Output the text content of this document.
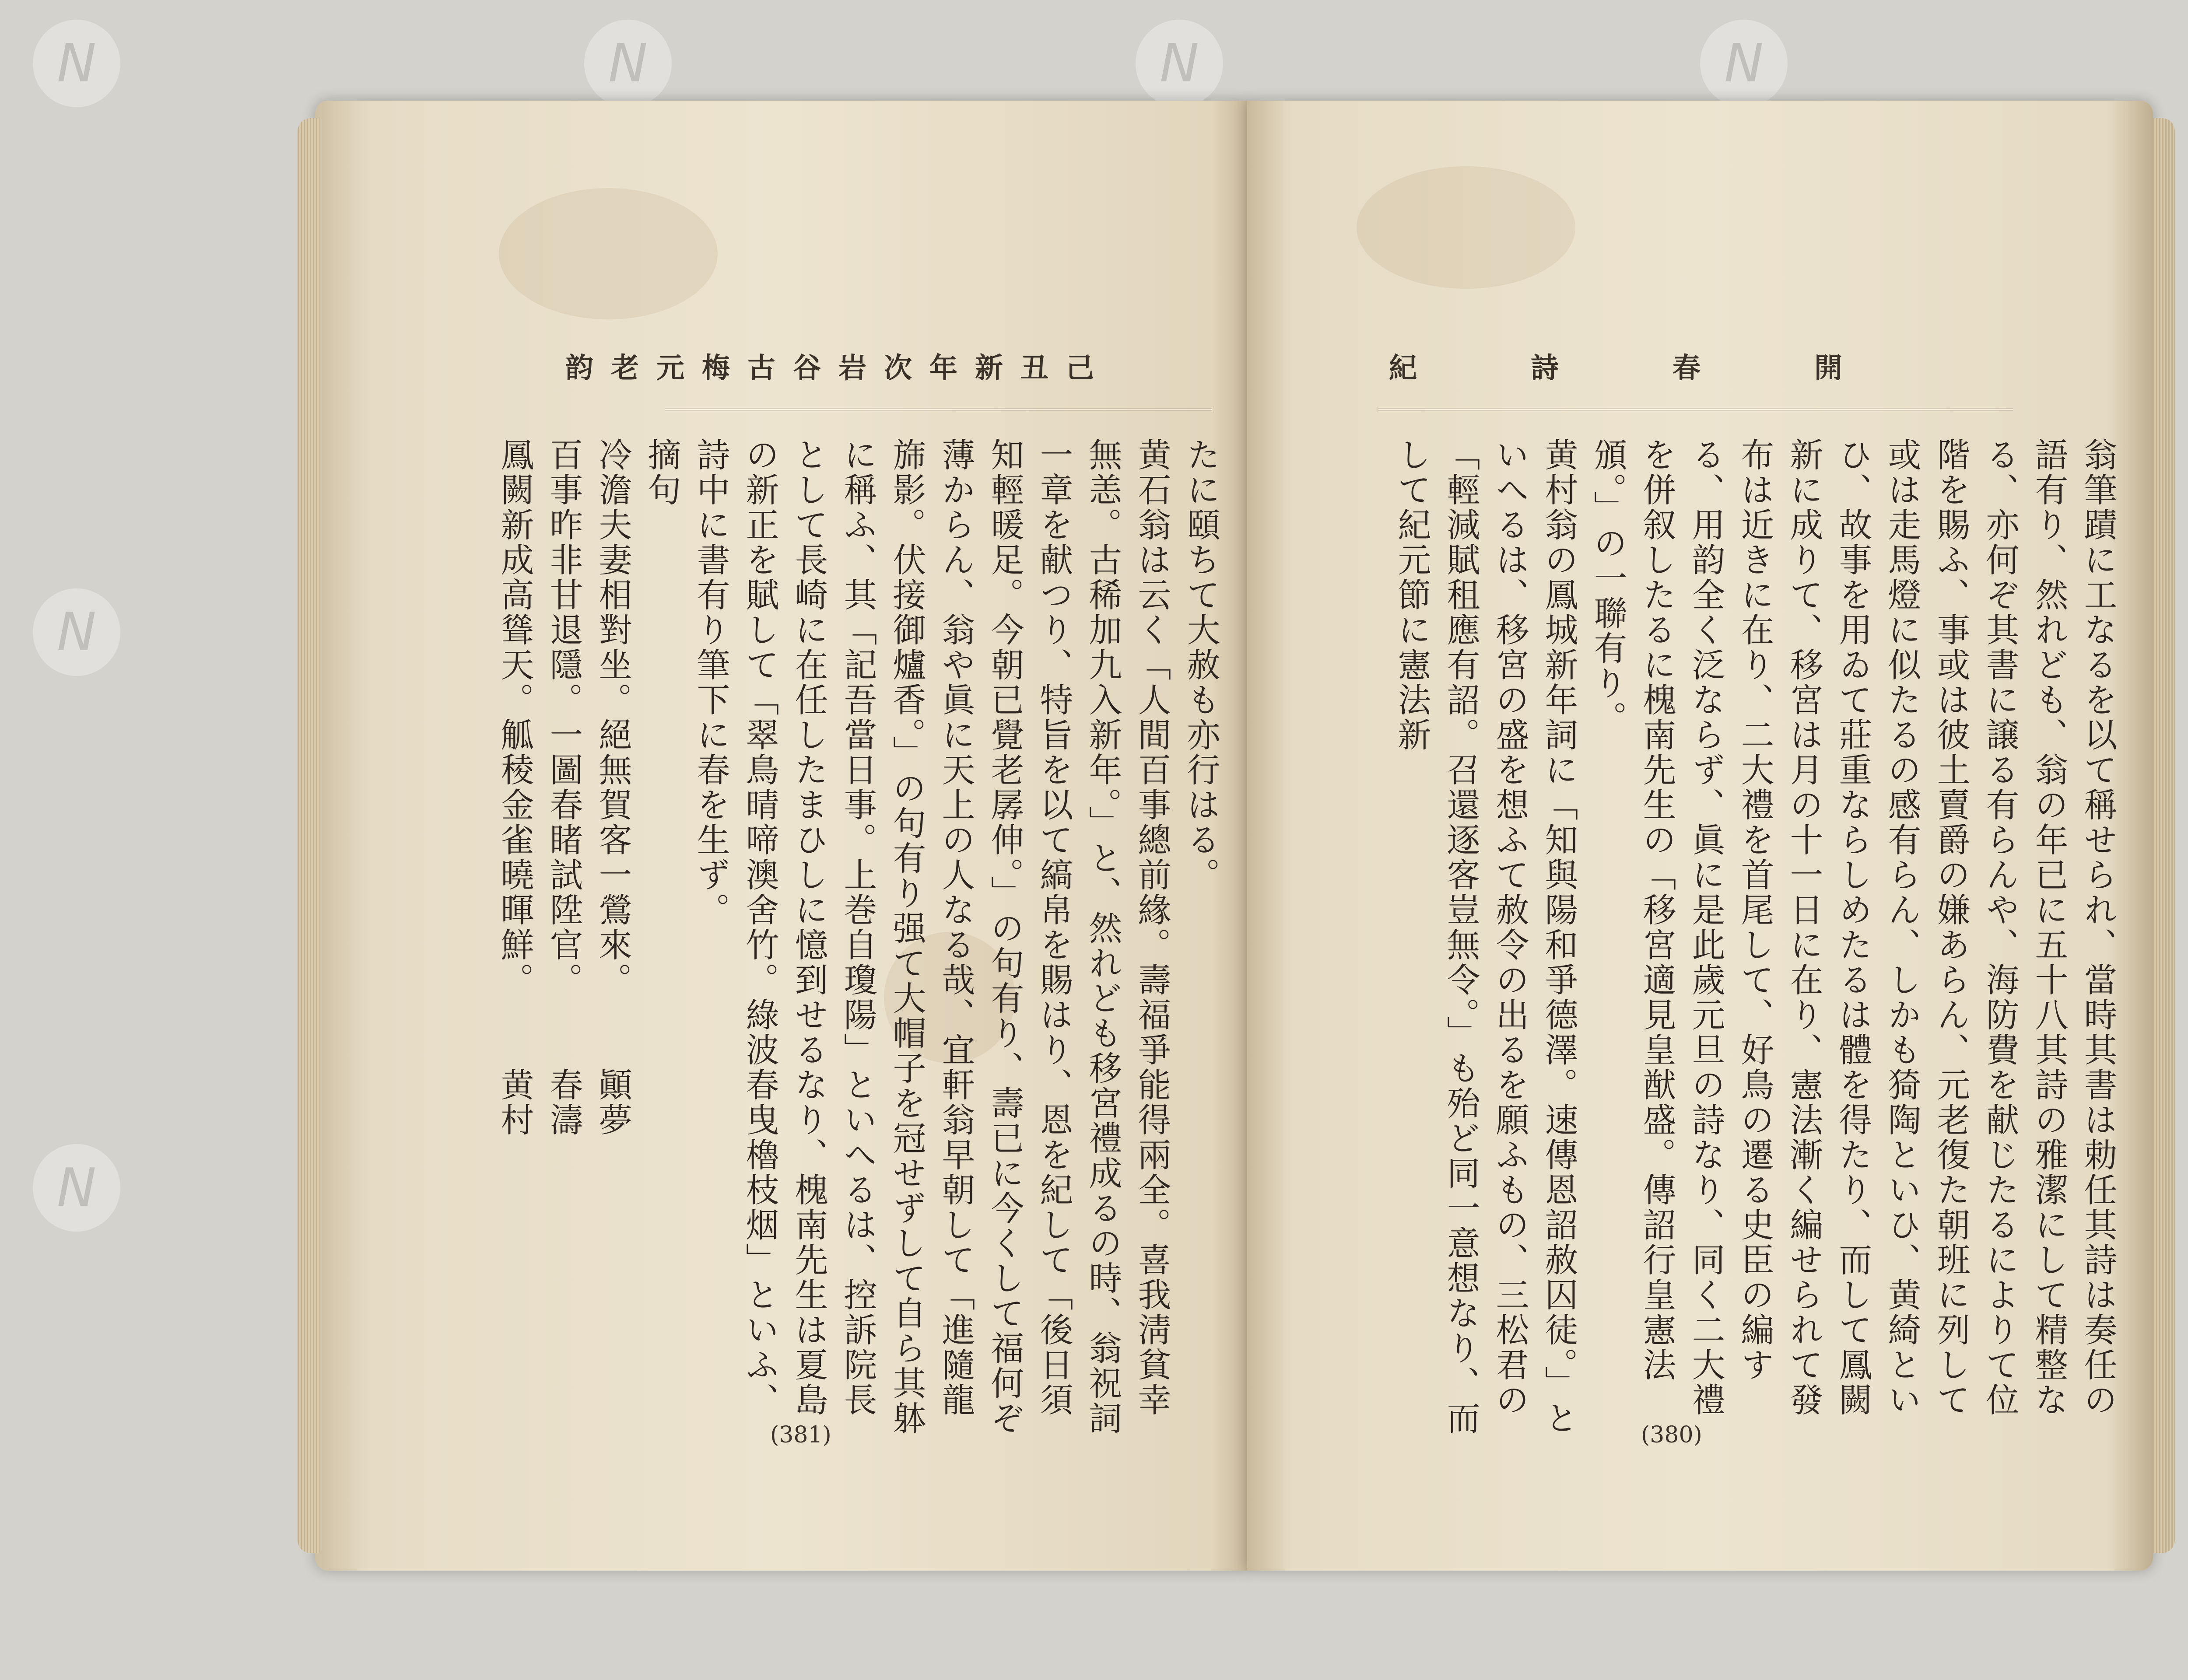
N	N	N	N
N
N
己丑新年次岩谷古梅元老韵

たに頤ちて大赦も亦行はる。

黄石翁は云く「人間百事總前緣。壽福爭能得兩全。喜我淸貧幸無恙。古稀加九入新年。」と、然れども移宮禮成るの時、翁祝詞一章を献つり、特旨を以て縞帛を賜はり、恩を紀して「後日須知輕暖足。今朝已覺老孱伸。」の句有り、壽已に今くして福何ぞ薄からん、翁や眞に天上の人なる哉、宜軒翁早朝して「進隨龍旆影。伏接御爐香。」の句有り强て大帽子を冠せずして自ら其躰に稱ふ、其「記吾當日事。上巻自瓊陽」といへるは、控訴院長として長崎に在任したまひしに憶到せるなり、槐南先生は夏島の新正を賦して「翠鳥晴啼澳舍竹。綠波春曳櫓枝烟」といふ、詩中に書有り筆下に春を生ず。

摘句

冷澹夫妻相對坐。絕無賀客一鶯來。顚夢

百事昨非甘退隱。一圖春睹試陞官。春濤

鳳闕新成高聳天。觚稜金雀曉暉鮮。黄村

(381)
開春詩紀

翁筆蹟に工なるを以て稱せられ、當時其書は勅任其詩は奏任の語有り、然れども、翁の年已に五十八其詩の雅潔にして精整なる、亦何ぞ其書に譲る有らんや、海防費を献じたるによりて位階を賜ふ、事或は彼土賣爵の嫌あらん、元老復た朝班に列して或は走馬燈に似たるの感有らん、しかも猗陶といひ、黄綺といひ、故事を用ゐて莊重ならしめたるは體を得たり、而して鳳闕新に成りて、移宮は月の十一日に在り、憲法漸く編せられて發布は近きに在り、二大禮を首尾して、好鳥の遷る史臣の編する、用韵全く泛ならず、眞に是此歲元旦の詩なり、同く二大禮を併叙したるに槐南先生の「移宮適見皇猷盛。傳詔行皇憲法頒。」の一聯有り。

黄村翁の鳳城新年詞に「知與陽和爭德澤。速傳恩詔赦囚徒。」といへるは、移宮の盛を想ふて赦令の出るを願ふもの、三松君の「輕減賦租應有詔。召還逐客豈無令。」も殆ど同一意想なり、而して紀元節に憲法新

(380)
